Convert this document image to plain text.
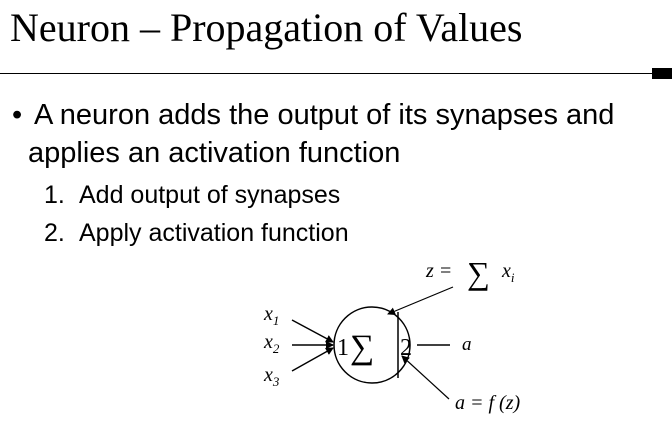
Neuron – Propagation of Values
• A neuron adds the output of its synapses and
applies an activation function
1. Add output of synapses
2. Apply activation function
$x_1$
$x_2$
$x_3$
1 ∑ 2	a
z = ∑ $x_i$
a = f (z)
